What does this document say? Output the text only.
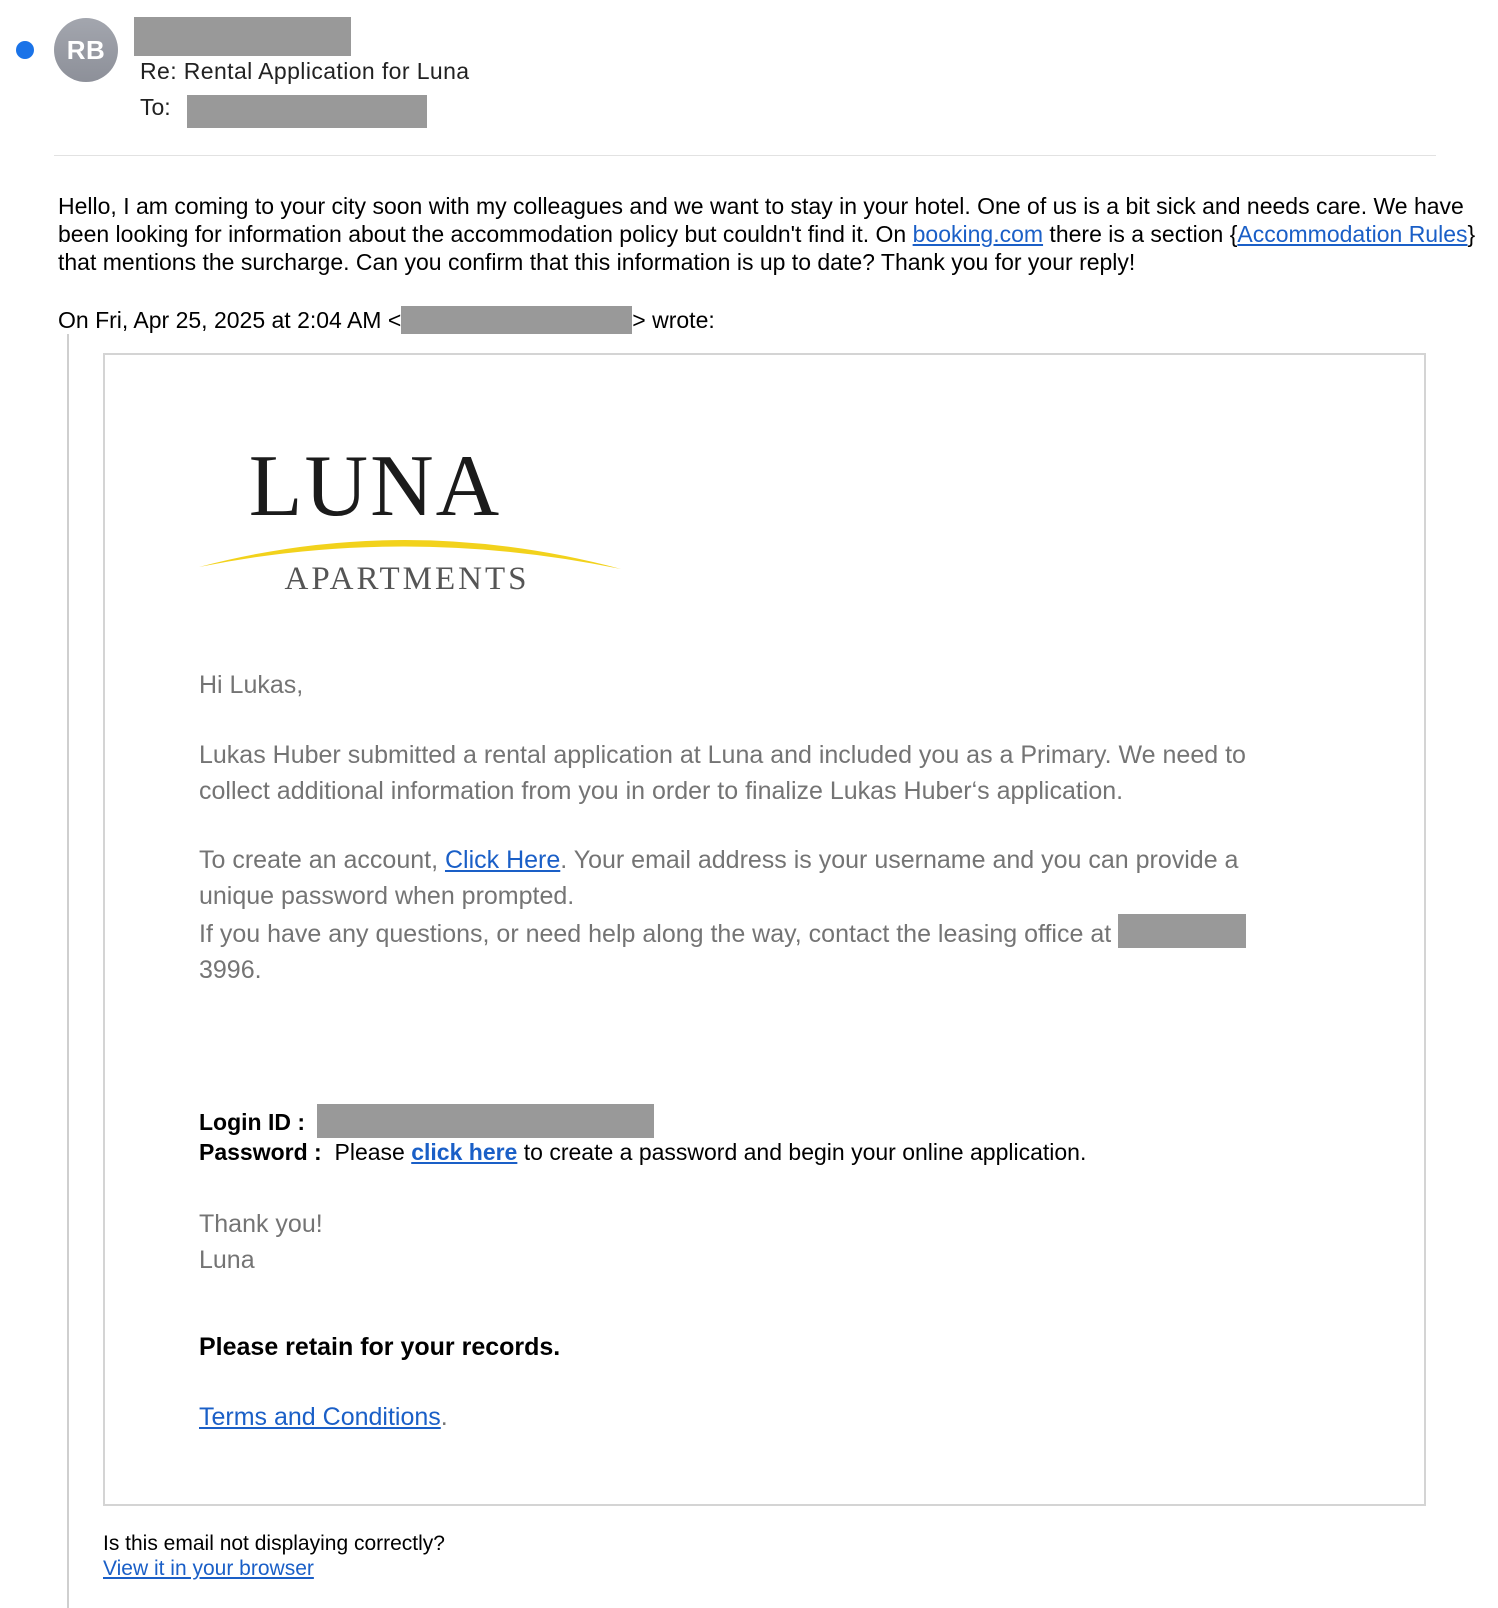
RB
Re: Rental Application for Luna
To:
Hello, I am coming to your city soon with my colleagues and we want to stay in your hotel. One of us is a bit sick and needs care. We have been looking for information about the accommodation policy but couldn't find it. On booking.com there is a section {Accommodation Rules} that mentions the surcharge. Can you confirm that this information is up to date? Thank you for your reply!
On Fri, Apr 25, 2025 at 2:04 AM <	> wrote:
LUNA
APARTMENTS
Hi Lukas,
Lukas Huber submitted a rental application at Luna and included you as a Primary. We need to collect additional information from you in order to finalize Lukas Huber‘s application.
To create an account, Click Here. Your email address is your username and you can provide a unique password when prompted.
If you have any questions, or need help along the way, contact the leasing office at
3996.
Login ID :
Password : Please click here to create a password and begin your online application.
Thank you!
Luna
Please retain for your records.
Terms and Conditions.
Is this email not displaying correctly?
View it in your browser
